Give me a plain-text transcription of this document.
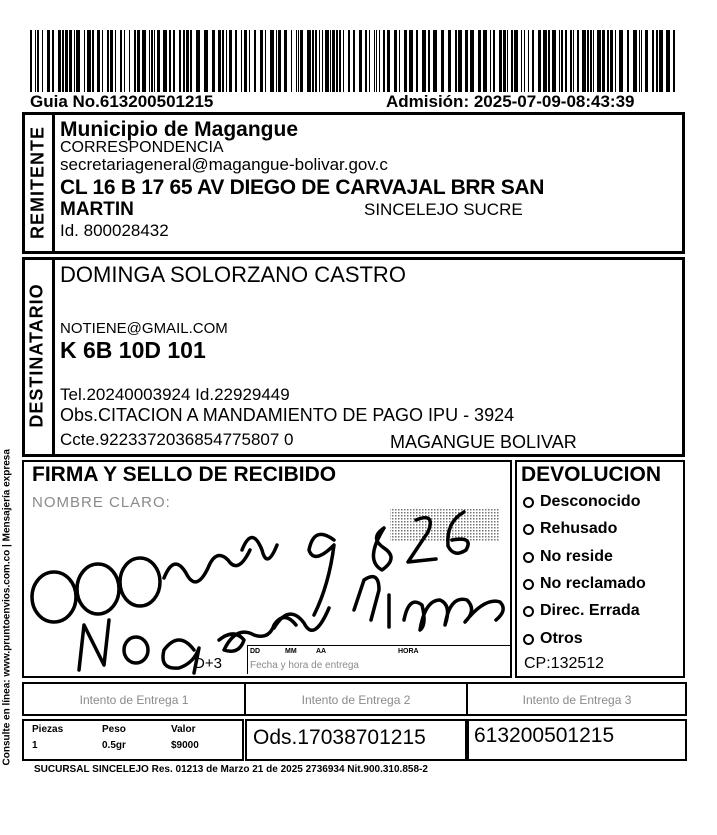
Guia No.613200501215	Admisión: 2025-07-09-08:43:39
Consulte en línea: www.pruntoenvios.com.co | Mensajería expresa
REMITENTE Municipio de Magangue
CORRESPONDENCIA
secretariageneral@magangue-bolivar.gov.c
CL 16 B 17 65 AV DIEGO DE CARVAJAL BRR SAN
MARTIN	SINCELEJO SUCRE
Id. 800028432
DESTINATARIO
DOMINGA SOLORZANO CASTRO
NOTIENE@GMAIL.COM
K 6B 10D 101
Tel.20240003924 Id.22929449
Obs.CITACION A MANDAMIENTO DE PAGO IPU - 3924
Ccte.9223372036854775807 0	MAGANGUE BOLIVAR
FIRMA Y SELLO DE RECIBIDO
NOMBRE CLARO:
D+3
DD	MM	AA	HORA
Fecha y hora de entrega
DEVOLUCION
Desconocido
Rehusado
No reside
No reclamado
Direc. Errada
Otros
CP:132512
Intento de Entrega 1	Intento de Entrega 2	Intento de Entrega 3
Piezas	Peso	Valor
1	0.5gr	$9000	Ods.17038701215 613200501215
SUCURSAL SINCELEJO Res. 01213 de Marzo 21 de 2025 2736934 Nit.900.310.858-2
